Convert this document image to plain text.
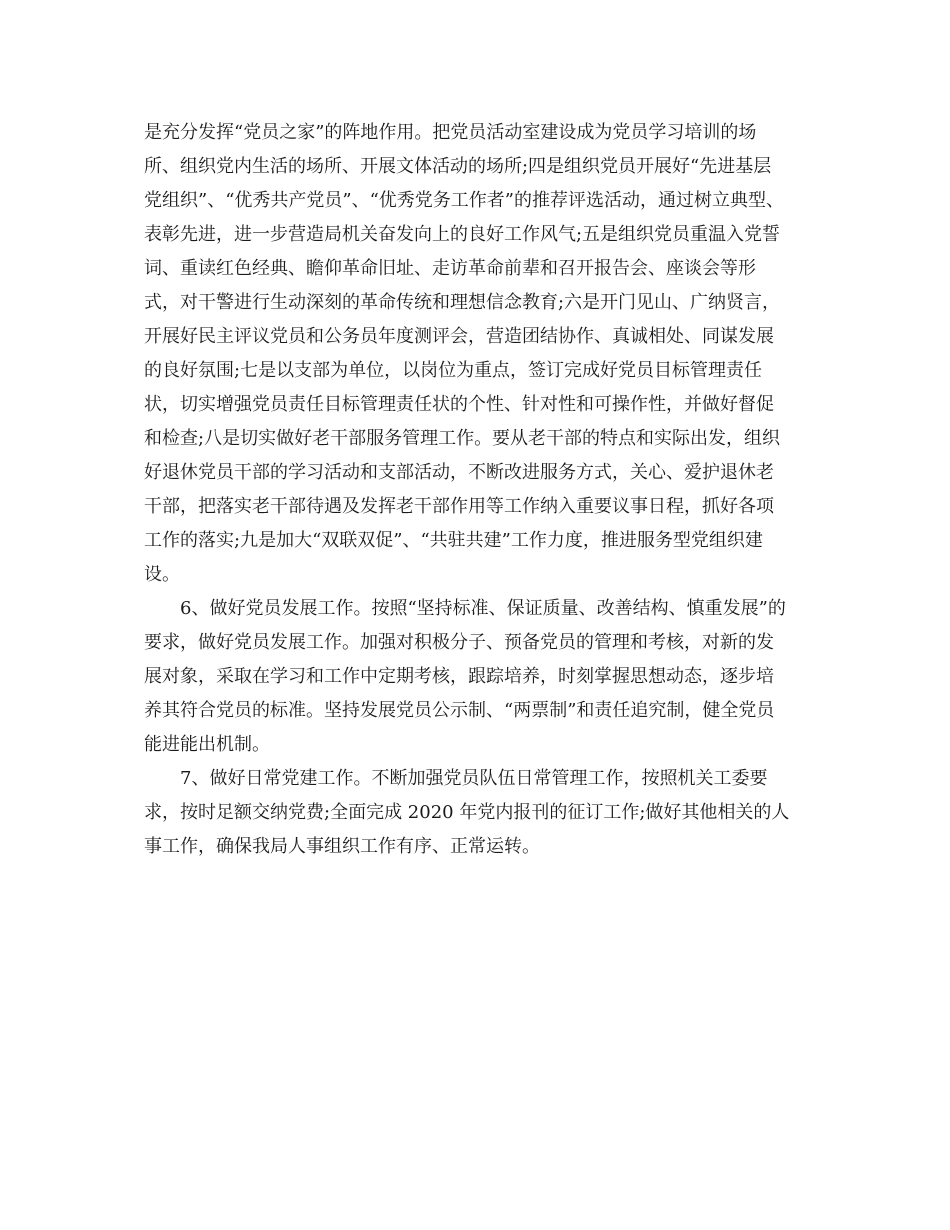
是充分发挥“党员之家”的阵地作用。把党员活动室建设成为党员学习培训的场
所、组织党内生活的场所、开展文体活动的场所;四是组织党员开展好“先进基层
党组织”、“优秀共产党员”、“优秀党务工作者”的推荐评选活动，通过树立典型、
表彰先进，进一步营造局机关奋发向上的良好工作风气;五是组织党员重温入党誓
词、重读红色经典、瞻仰革命旧址、走访革命前辈和召开报告会、座谈会等形
式，对干警进行生动深刻的革命传统和理想信念教育;六是开门见山、广纳贤言，
开展好民主评议党员和公务员年度测评会，营造团结协作、真诚相处、同谋发展
的良好氛围;七是以支部为单位，以岗位为重点，签订完成好党员目标管理责任
状，切实增强党员责任目标管理责任状的个性、针对性和可操作性，并做好督促
和检查;八是切实做好老干部服务管理工作。要从老干部的特点和实际出发，组织
好退休党员干部的学习活动和支部活动，不断改进服务方式，关心、爱护退休老
干部，把落实老干部待遇及发挥老干部作用等工作纳入重要议事日程，抓好各项
工作的落实;九是加大“双联双促”、“共驻共建”工作力度，推进服务型党组织建
设。
6、做好党员发展工作。按照“坚持标准、保证质量、改善结构、慎重发展”的
要求，做好党员发展工作。加强对积极分子、预备党员的管理和考核，对新的发
展对象，采取在学习和工作中定期考核，跟踪培养，时刻掌握思想动态，逐步培
养其符合党员的标准。坚持发展党员公示制、“两票制”和责任追究制，健全党员
能进能出机制。
7、做好日常党建工作。不断加强党员队伍日常管理工作，按照机关工委要
求，按时足额交纳党费;全面完成 2020 年党内报刊的征订工作;做好其他相关的人
事工作，确保我局人事组织工作有序、正常运转。
